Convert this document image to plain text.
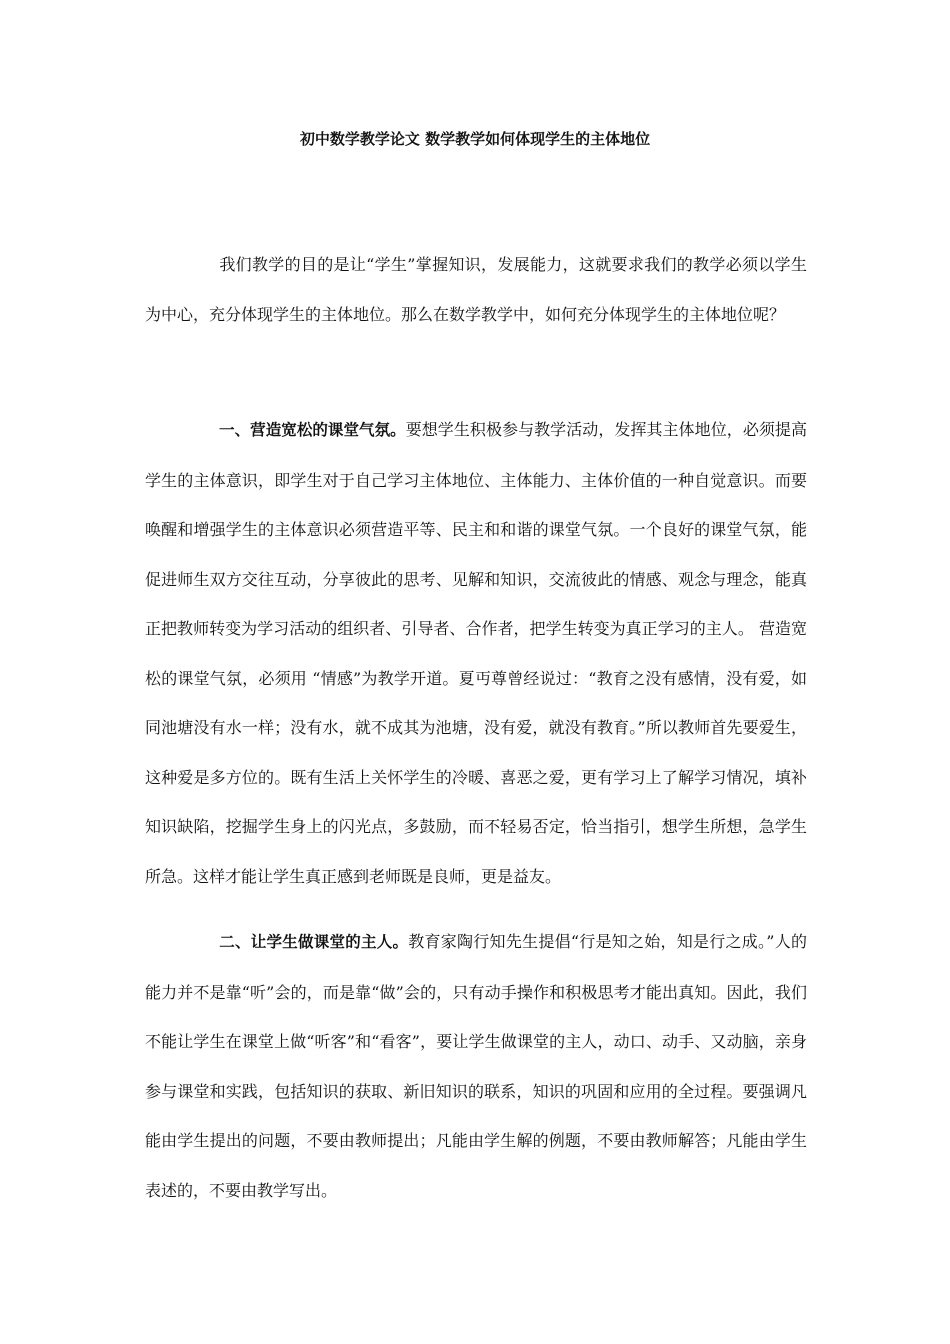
初中数学教学论文 数学教学如何体现学生的主体地位

我们教学的目的是让“学生”掌握知识，发展能力，这就要求我们的教学必须以学生为中心，充分体现学生的主体地位。那么在数学教学中，如何充分体现学生的主体地位呢？

一、营造宽松的课堂气氛。要想学生积极参与教学活动，发挥其主体地位，必须提高学生的主体意识，即学生对于自己学习主体地位、主体能力、主体价值的一种自觉意识。而要唤醒和增强学生的主体意识必须营造平等、民主和和谐的课堂气氛。一个良好的课堂气氛，能促进师生双方交往互动，分享彼此的思考、见解和知识，交流彼此的情感、观念与理念，能真正把教师转变为学习活动的组织者、引导者、合作者，把学生转变为真正学习的主人。 营造宽松的课堂气氛，必须用 “情感”为教学开道。夏丏尊曾经说过：“教育之没有感情，没有爱，如同池塘没有水一样；没有水，就不成其为池塘，没有爱，就没有教育。”所以教师首先要爱生，这种爱是多方位的。既有生活上关怀学生的冷暖、喜恶之爱，更有学习上了解学习情况，填补知识缺陷，挖掘学生身上的闪光点，多鼓励，而不轻易否定，恰当指引，想学生所想，急学生所急。这样才能让学生真正感到老师既是良师，更是益友。

二、让学生做课堂的主人。教育家陶行知先生提倡“行是知之始，知是行之成。”人的能力并不是靠“听”会的，而是靠“做”会的，只有动手操作和积极思考才能出真知。因此，我们不能让学生在课堂上做“听客”和“看客”，要让学生做课堂的主人，动口、动手、又动脑，亲身参与课堂和实践，包括知识的获取、新旧知识的联系，知识的巩固和应用的全过程。要强调凡能由学生提出的问题，不要由教师提出；凡能由学生解的例题，不要由教师解答；凡能由学生表述的，不要由教学写出。
